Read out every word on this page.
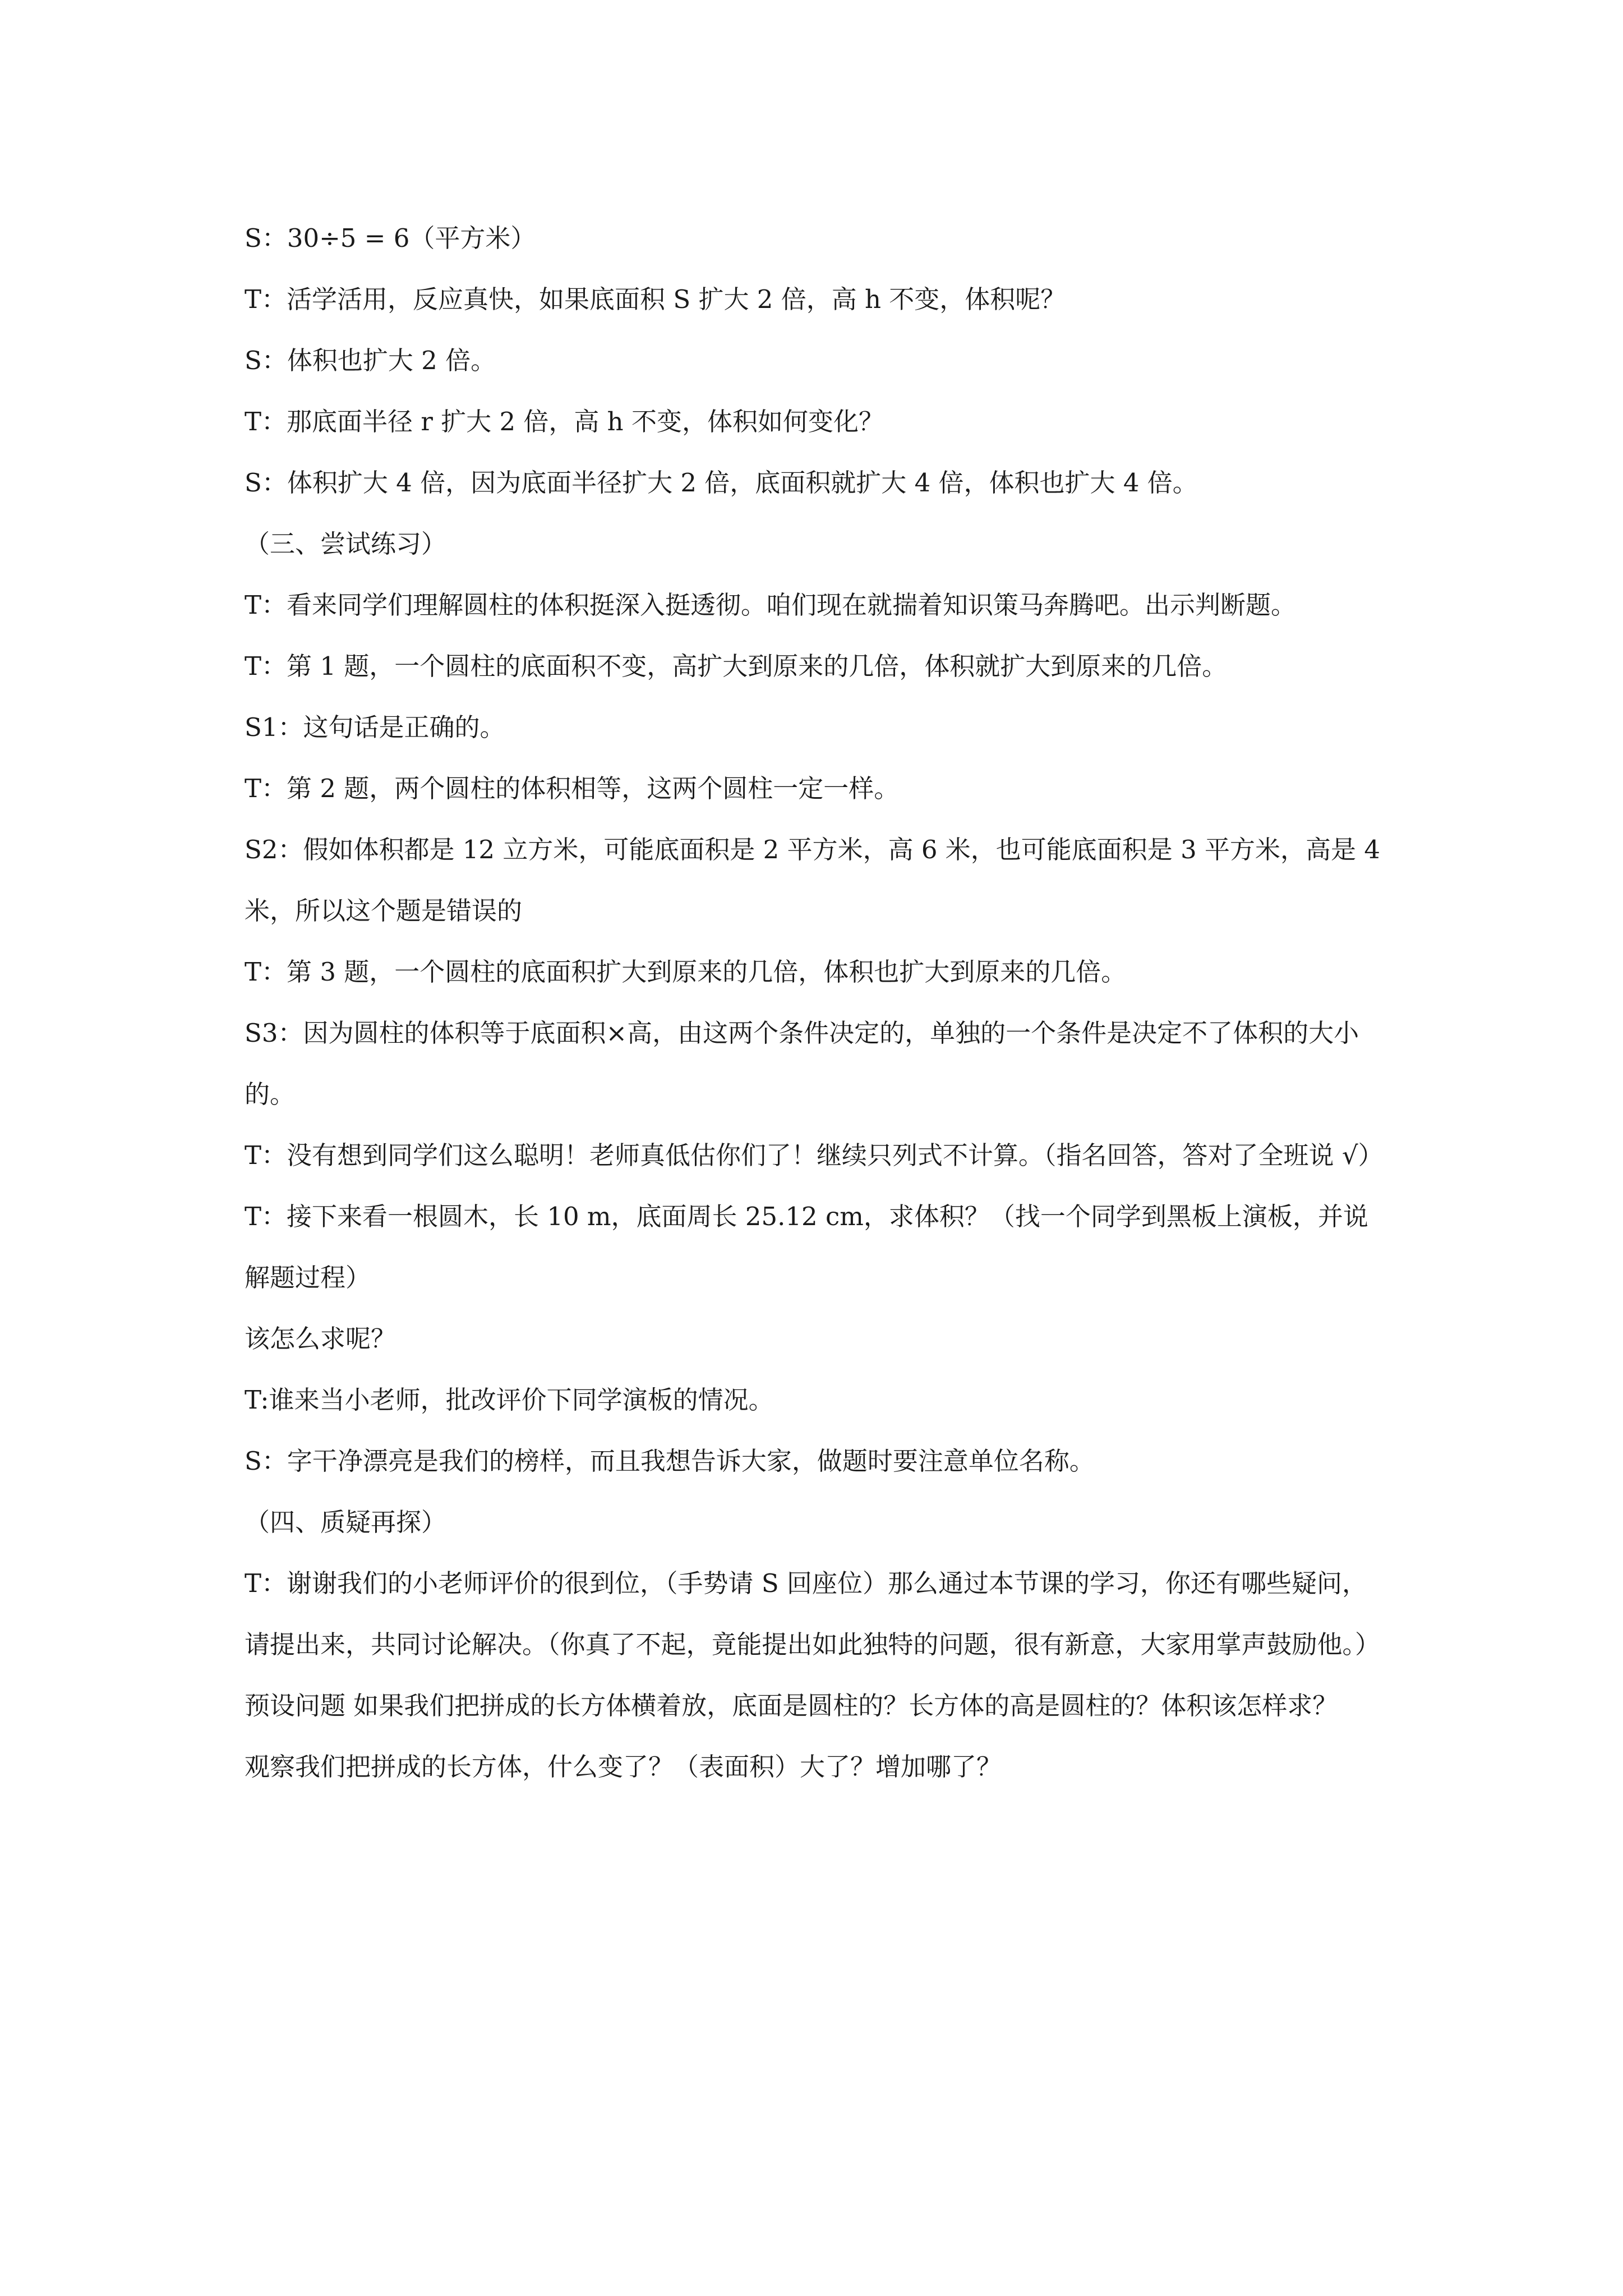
S：30÷5 = 6（平方米）

T：活学活用，反应真快，如果底面积 S 扩大 2 倍，高 h 不变，体积呢？

S：体积也扩大 2 倍。

T：那底面半径 r 扩大 2 倍，高 h 不变，体积如何变化？

S：体积扩大 4 倍，因为底面半径扩大 2 倍，底面积就扩大 4 倍，体积也扩大 4 倍。

（三、尝试练习）

T：看来同学们理解圆柱的体积挺深入挺透彻。咱们现在就揣着知识策马奔腾吧。出示判断题。

T：第 1 题，一个圆柱的底面积不变，高扩大到原来的几倍，体积就扩大到原来的几倍。

S1：这句话是正确的。

T：第 2 题，两个圆柱的体积相等，这两个圆柱一定一样。

S2：假如体积都是 12 立方米，可能底面积是 2 平方米，高 6 米，也可能底面积是 3 平方米，高是 4 米，所以这个题是错误的

T：第 3 题，一个圆柱的底面积扩大到原来的几倍，体积也扩大到原来的几倍。

S3：因为圆柱的体积等于底面积×高，由这两个条件决定的，单独的一个条件是决定不了体积的大小的。

T：没有想到同学们这么聪明！老师真低估你们了！继续只列式不计算。（指名回答，答对了全班说 √）

T：接下来看一根圆木，长 10 m，底面周长 25.12 cm，求体积？（找一个同学到黑板上演板，并说解题过程）

该怎么求呢？

T:谁来当小老师，批改评价下同学演板的情况。

S：字干净漂亮是我们的榜样，而且我想告诉大家，做题时要注意单位名称。

（四、质疑再探）

T：谢谢我们的小老师评价的很到位，（手势请 S 回座位）那么通过本节课的学习，你还有哪些疑问，请提出来，共同讨论解决。（你真了不起，竟能提出如此独特的问题，很有新意，大家用掌声鼓励他。）

预设问题 如果我们把拼成的长方体横着放，底面是圆柱的？长方体的高是圆柱的？体积该怎样求？

观察我们把拼成的长方体，什么变了？（表面积）大了？增加哪了？
